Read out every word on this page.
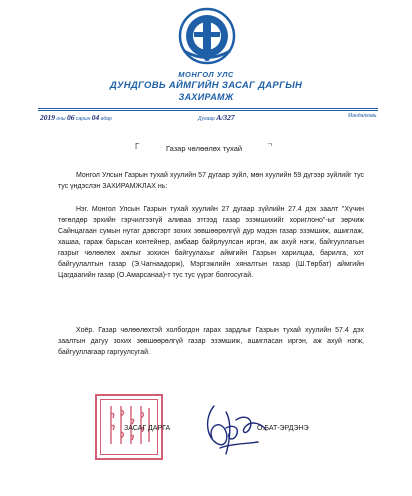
МОНГОЛ УЛС
ДУНДГОВЬ АЙМГИЙН ЗАСАГ ДАРГЫН
ЗАХИРАМЖ
2019 оны 06 сарын 04 өдөр	Дугаар А/327	Мандалговь
Г	ᄀ
Газар чөлөөлөх тухай

Монгол Улсын Газрын тухай хуулийн 57 дугаар зүйл, мөн хуулийн 59 дүгээр зүйлийг тус тус үндэслэн ЗАХИРАМЖЛАХ нь:

Нэг. Монгол Улсын Газрын тухай хуулийн 27 дугаар зүйлийн 27.4 дэх заалт "Хүчин төгөлдөр эрхийн гэрчилгээгүй аливаа этгээд газар эзэмшихийг хориглоно"-ыг зөрчиж Сайнцагаан сумын нутаг дэвсгэрт зохих зөвшөөрөлгүй дур мэдэн газар эзэмшиж, ашиглаж, хашаа, гараж барьсан контейнер, амбаар байрлуулсан иргэн, аж ахуй нэгж, байгууллагын газрыг чөлөөлөх ажлыг зохион байгуулахыг аймгийн Газрын харилцаа, барилга, хот байгуулалтын газар (Э.Чагнаадорж), Мэргэжлийн хяналтын газар (Ш.Төрбат) аймгийн Цагдаагийн газар (О.Амарсанаа)-т тус тус үүрэг болгосугай.

Хоёр. Газар чөлөөлөхтэй холбогдон гарах зардлыг Газрын тухай хуулийн 57.4 дэх заалтын дагуу зохих зөвшөөрөлгүй газар эзэмшиж, ашигласан иргэн, аж ахуй нэгж, байгууллагаар гаргуулсугай.

ЗАСАГ ДАРГА	О.БАТ-ЭРДЭНЭ
